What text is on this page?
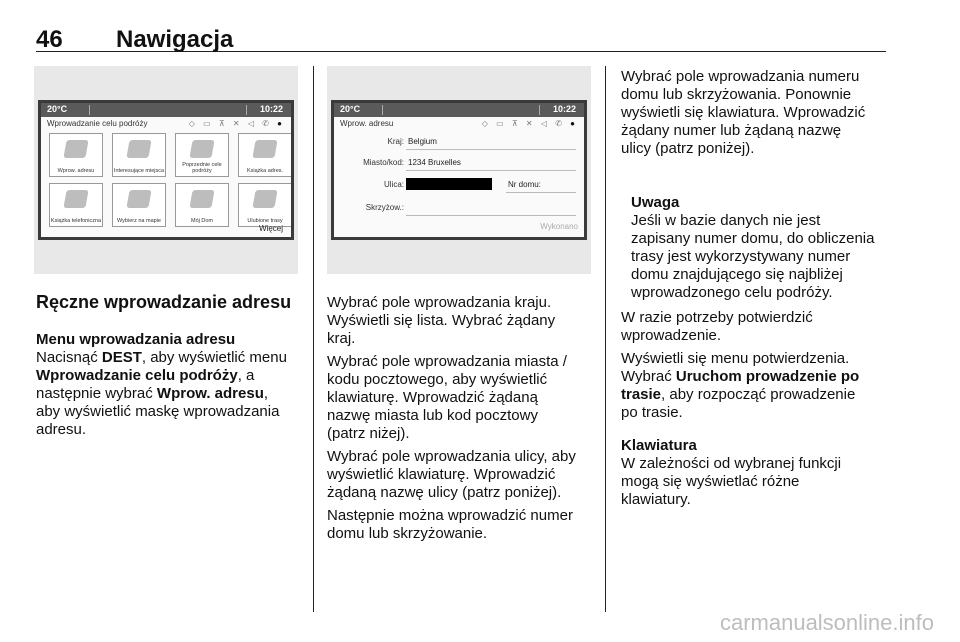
46 Nawigacja
20°C	10:22
Wprowadzanie celu podróży	◇ ▭ ⊼ ✕ ◁ ✆ ●
Wprow. adresu	Interesujące miejsca
Poprzednie cele podróży	Książka adres.
Książka telefoniczna	Wybierz na mapie	Mój Dom	Ulubione trasy
Więcej
20°C	10:22
Wprow. adresu	◇ ▭ ⊼ ✕ ◁ ✆ ●
Kraj: Belgium
Miasto/kod: 1234 Bruxelles
Ulica:	Nr domu:
Skrzyżow.:
Wykonano
Ręczne wprowadzanie adresu
Menu wprowadzania adresu
Nacisnąć DEST, aby wyświetlić menu
Wprowadzanie celu podróży, a
następnie wybrać Wprow. adresu,
aby wyświetlić maskę wprowadzania
adresu.
Wybrać pole wprowadzania kraju.
Wyświetli się lista. Wybrać żądany
kraj.
Wybrać pole wprowadzania miasta /
kodu pocztowego, aby wyświetlić
klawiaturę. Wprowadzić żądaną
nazwę miasta lub kod pocztowy
(patrz niżej).
Wybrać pole wprowadzania ulicy, aby
wyświetlić klawiaturę. Wprowadzić
żądaną nazwę ulicy (patrz poniżej).
Następnie można wprowadzić numer
domu lub skrzyżowanie.
Wybrać pole wprowadzania numeru
domu lub skrzyżowania. Ponownie
wyświetli się klawiatura. Wprowadzić
żądany numer lub żądaną nazwę
ulicy (patrz poniżej).
Uwaga
Jeśli w bazie danych nie jest
zapisany numer domu, do obliczenia
trasy jest wykorzystywany numer
domu znajdującego się najbliżej
wprowadzonego celu podróży.
W razie potrzeby potwierdzić
wprowadzenie.
Wyświetli się menu potwierdzenia.
Wybrać Uruchom prowadzenie po
trasie, aby rozpocząć prowadzenie
po trasie.
Klawiatura
W zależności od wybranej funkcji
mogą się wyświetlać różne
klawiatury.
carmanualsonline.info
